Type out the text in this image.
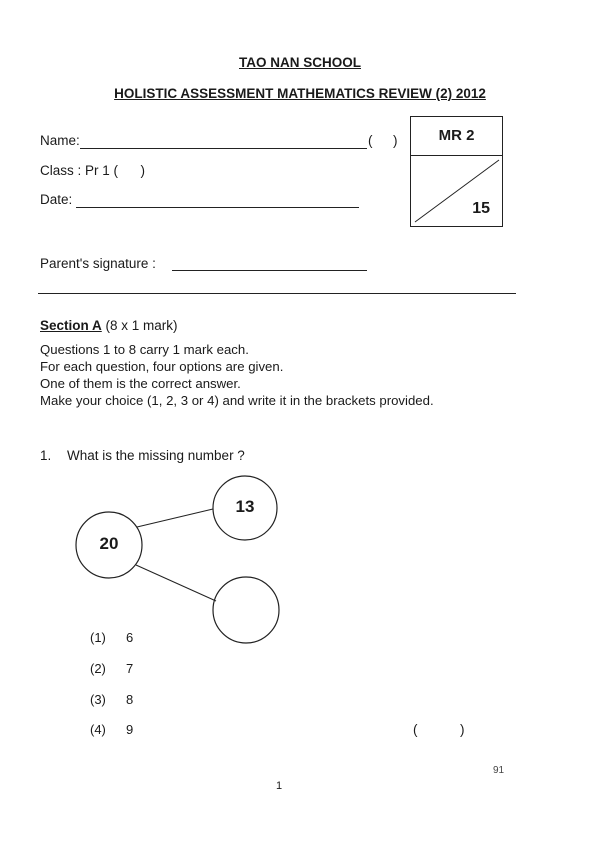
TAO NAN SCHOOL
HOLISTIC ASSESSMENT MATHEMATICS REVIEW (2) 2012
Name:	( )
Class : Pr 1 (      )
Date:
MR 2
15
Parent's signature :
Section A (8 x 1 mark)
Questions 1 to 8 carry 1 mark each.
For each question, four options are given.
One of them is the correct answer.
Make your choice (1, 2, 3 or 4) and write it in the brackets provided.
1. What is the missing number ?
20
13
(1) 6
(2) 7
(3) 8
(4) 9	(	)
91
1
